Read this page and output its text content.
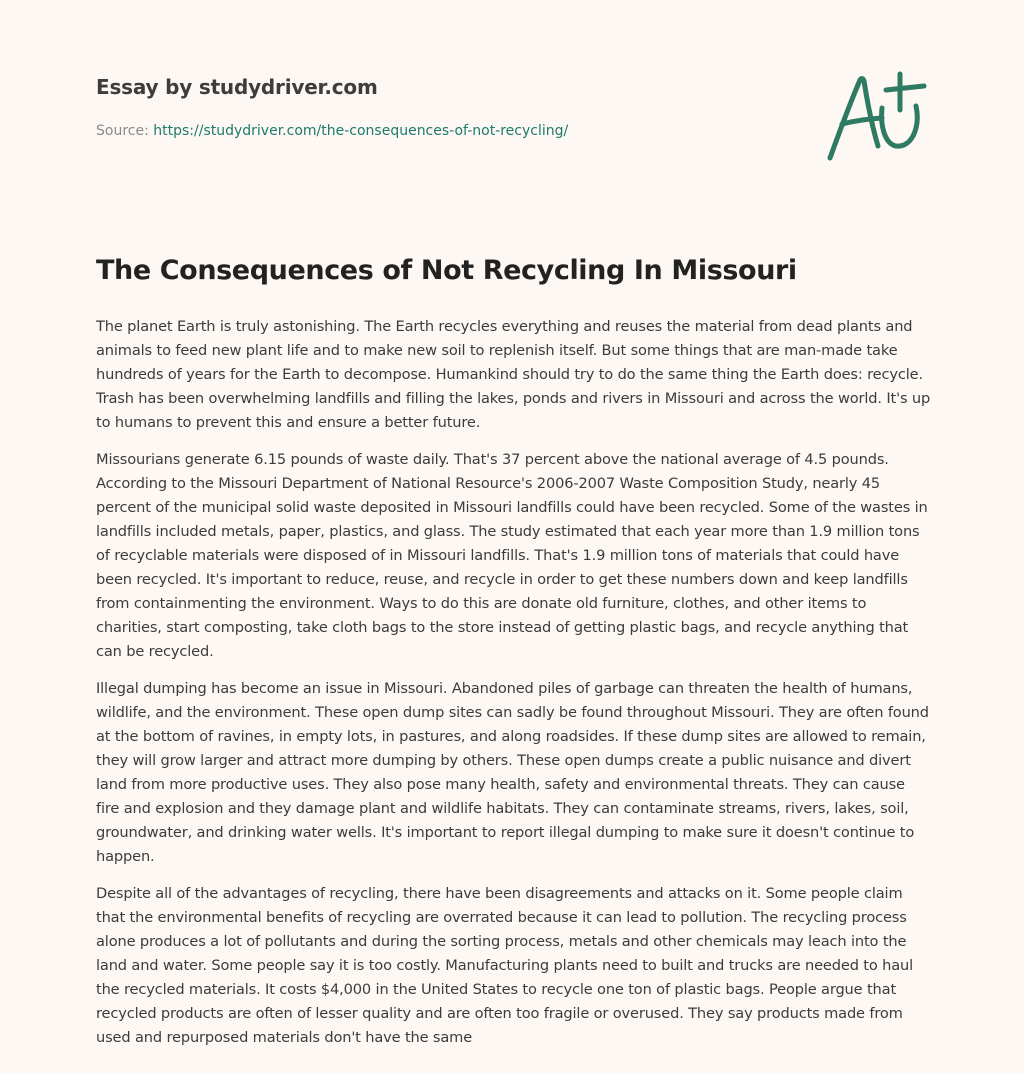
Essay by studydriver.com
Source: https://studydriver.com/the-consequences-of-not-recycling/
The Consequences of Not Recycling In Missouri

The planet Earth is truly astonishing. The Earth recycles everything and reuses the material from dead plants and animals to feed new plant life and to make new soil to replenish itself. But some things that are man-made take hundreds of years for the Earth to decompose. Humankind should try to do the same thing the Earth does: recycle. Trash has been overwhelming landfills and filling the lakes, ponds and rivers in Missouri and across the world. It's up to humans to prevent this and ensure a better future.

Missourians generate 6.15 pounds of waste daily. That's 37 percent above the national average of 4.5 pounds. According to the Missouri Department of National Resource's 2006-2007 Waste Composition Study, nearly 45 percent of the municipal solid waste deposited in Missouri landfills could have been recycled. Some of the wastes in landfills included metals, paper, plastics, and glass. The study estimated that each year more than 1.9 million tons of recyclable materials were disposed of in Missouri landfills. That's 1.9 million tons of materials that could have been recycled. It's important to reduce, reuse, and recycle in order to get these numbers down and keep landfills from containmenting the environment. Ways to do this are donate old furniture, clothes, and other items to charities, start composting, take cloth bags to the store instead of getting plastic bags, and recycle anything that can be recycled.

Illegal dumping has become an issue in Missouri. Abandoned piles of garbage can threaten the health of humans, wildlife, and the environment. These open dump sites can sadly be found throughout Missouri. They are often found at the bottom of ravines, in empty lots, in pastures, and along roadsides. If these dump sites are allowed to remain, they will grow larger and attract more dumping by others. These open dumps create a public nuisance and divert land from more productive uses. They also pose many health, safety and environmental threats. They can cause fire and explosion and they damage plant and wildlife habitats. They can contaminate streams, rivers, lakes, soil, groundwater, and drinking water wells. It's important to report illegal dumping to make sure it doesn't continue to happen.

Despite all of the advantages of recycling, there have been disagreements and attacks on it. Some people claim that the environmental benefits of recycling are overrated because it can lead to pollution. The recycling process alone produces a lot of pollutants and during the sorting process, metals and other chemicals may leach into the land and water. Some people say it is too costly. Manufacturing plants need to built and trucks are needed to haul the recycled materials. It costs $4,000 in the United States to recycle one ton of plastic bags. People argue that recycled products are often of lesser quality and are often too fragile or overused. They say products made from used and repurposed materials don't have the same
